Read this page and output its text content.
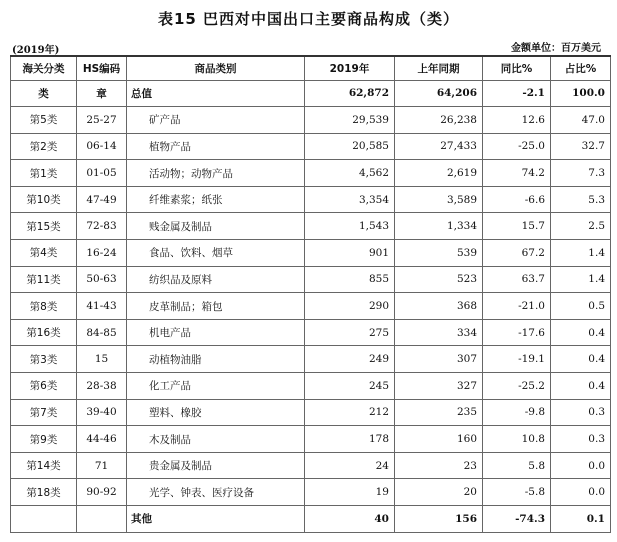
表15 巴西对中国出口主要商品构成（类）
(2019年)	金额单位：百万美元
海关分类	HS编码	商品类别	2019年	上年同期	同比%	占比%
类	章	总值	62,872	64,206	-2.1	100.0
第5类	25-27	矿产品	29,539	26,238	12.6	47.0
第2类	06-14	植物产品	20,585	27,433	-25.0	32.7
第1类	01-05	活动物；动物产品	4,562	2,619	74.2	7.3
第10类	47-49	纤维素浆；纸张	3,354	3,589	-6.6	5.3
第15类	72-83	贱金属及制品	1,543	1,334	15.7	2.5
第4类	16-24	食品、饮料、烟草	901	539	67.2	1.4
第11类	50-63	纺织品及原料	855	523	63.7	1.4
第8类	41-43	皮革制品；箱包	290	368	-21.0	0.5
第16类	84-85	机电产品	275	334	-17.6	0.4
第3类	15	动植物油脂	249	307	-19.1	0.4
第6类	28-38	化工产品	245	327	-25.2	0.4
第7类	39-40	塑料、橡胶	212	235	-9.8	0.3
第9类	44-46	木及制品	178	160	10.8	0.3
第14类	71	贵金属及制品	24	23	5.8	0.0
第18类	90-92	光学、钟表、医疗设备	19	20	-5.8	0.0
		其他	40	156	-74.3	0.1
